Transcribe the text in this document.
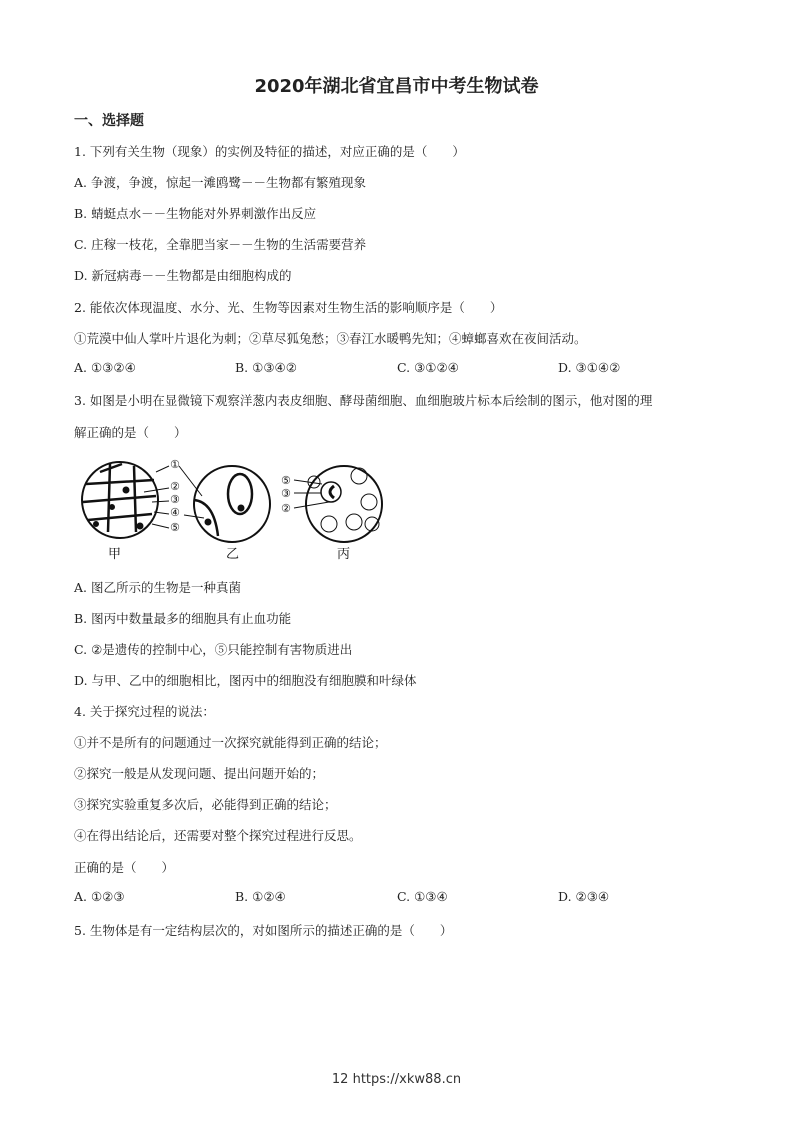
2020年湖北省宜昌市中考生物试卷
一、选择题
1. 下列有关生物（现象）的实例及特征的描述，对应正确的是（　　）
A. 争渡，争渡，惊起一滩鸥鹭－－生物都有繁殖现象
B. 蜻蜓点水－－生物能对外界刺激作出反应
C. 庄稼一枝花，全靠肥当家－－生物的生活需要营养
D. 新冠病毒－－生物都是由细胞构成的
2. 能依次体现温度、水分、光、生物等因素对生物生活的影响顺序是（　　）
①荒漠中仙人掌叶片退化为刺；②草尽狐兔愁；③春江水暖鸭先知；④蟑螂喜欢在夜间活动。
A. ①③②④	B. ①③④②	C. ③①②④	D. ③①④②
3. 如图是小明在显微镜下观察洋葱内表皮细胞、酵母菌细胞、血细胞玻片标本后绘制的图示，他对图的理
解正确的是（　　）
①
②
③
④
⑤
⑤
③
②
甲	乙	丙
A. 图乙所示的生物是一种真菌
B. 图丙中数量最多的细胞具有止血功能
C. ②是遗传的控制中心，⑤只能控制有害物质进出
D. 与甲、乙中的细胞相比，图丙中的细胞没有细胞膜和叶绿体
4. 关于探究过程的说法：
①并不是所有的问题通过一次探究就能得到正确的结论；
②探究一般是从发现问题、提出问题开始的；
③探究实验重复多次后，必能得到正确的结论；
④在得出结论后，还需要对整个探究过程进行反思。
正确的是（　　）
A. ①②③	B. ①②④	C. ①③④	D. ②③④
5. 生物体是有一定结构层次的，对如图所示的描述正确的是（　　）
12 https://xkw88.cn
